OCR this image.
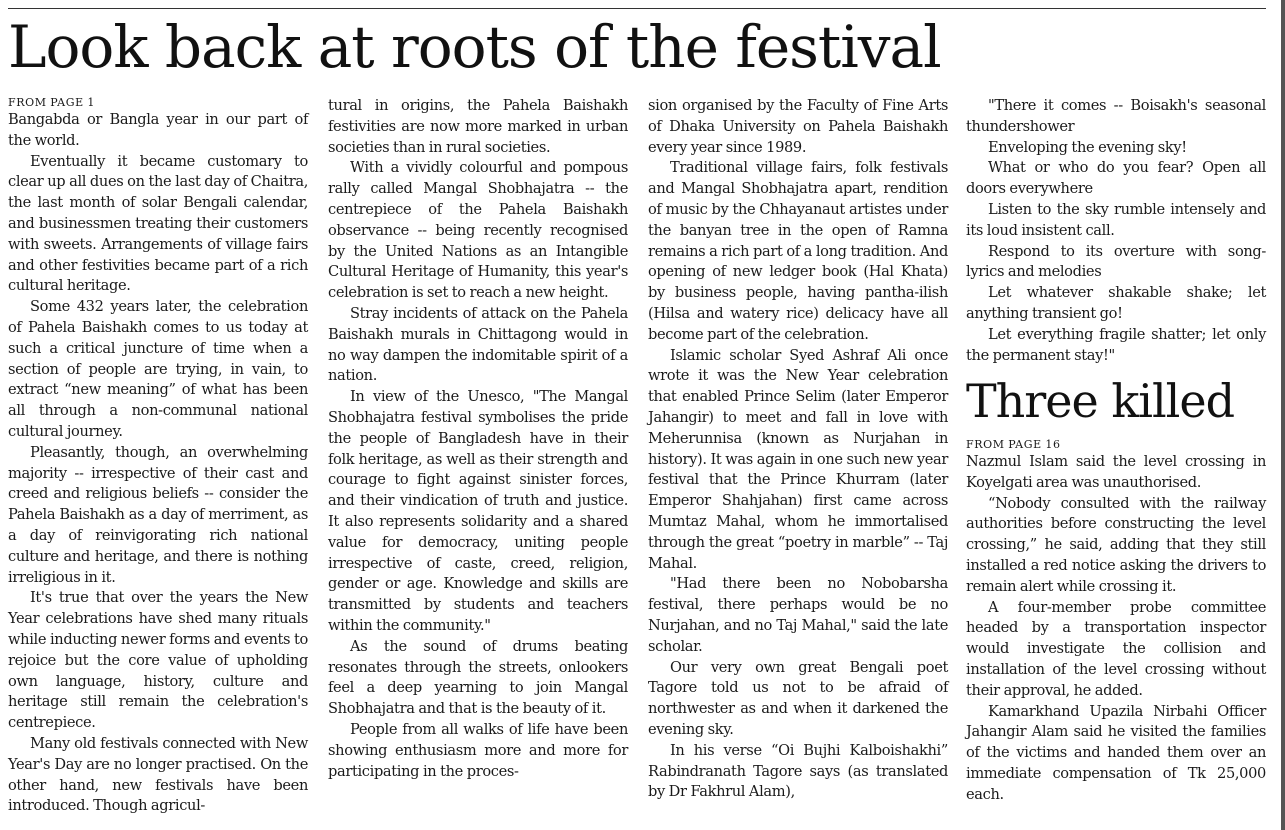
Look back at roots of the festival

FROM PAGE 1

Bangabda or Bangla year in our part of the world.

Eventually it became customary to clear up all dues on the last day of Chaitra, the last month of solar Bengali calendar, and businessmen treating their customers with sweets. Arrangements of village fairs and other festivities became part of a rich cultural heritage.

Some 432 years later, the celebration of Pahela Baishakh comes to us today at such a critical juncture of time when a section of people are trying, in vain, to extract “new meaning” of what has been all through a non-communal national cultural journey.

Pleasantly, though, an overwhelming majority -- irrespective of their cast and creed and religious beliefs -- consider the Pahela Baishakh as a day of merriment, as a day of reinvigorating rich national culture and heritage, and there is nothing irreligious in it.

It's true that over the years the New Year celebrations have shed many rituals while inducting newer forms and events to rejoice but the core value of upholding own language, history, culture and heritage still remain the celebration's centrepiece.

Many old festivals connected with New Year's Day are no longer practised. On the other hand, new festivals have been introduced. Though agricul-

tural in origins, the Pahela Baishakh festivities are now more marked in urban societies than in rural societies.

With a vividly colourful and pompous rally called Mangal Shobhajatra -- the centrepiece of the Pahela Baishakh observance -- being recently recognised by the United Nations as an Intangible Cultural Heritage of Humanity, this year's celebration is set to reach a new height.

Stray incidents of attack on the Pahela Baishakh murals in Chittagong would in no way dampen the indomitable spirit of a nation.

In view of the Unesco, "The Mangal Shobhajatra festival symbolises the pride the people of Bangladesh have in their folk heritage, as well as their strength and courage to fight against sinister forces, and their vindication of truth and justice. It also represents solidarity and a shared value for democracy, uniting people irrespective of caste, creed, religion, gender or age. Knowledge and skills are transmitted by students and teachers within the community."

As the sound of drums beating resonates through the streets, onlookers feel a deep yearning to join Mangal Shobhajatra and that is the beauty of it.

People from all walks of life have been showing enthusiasm more and more for participating in the proces-

sion organised by the Faculty of Fine Arts of Dhaka University on Pahela Baishakh every year since 1989.

Traditional village fairs, folk festivals and Mangal Shobhajatra apart, rendition of music by the Chhayanaut artistes under the banyan tree in the open of Ramna remains a rich part of a long tradition. And opening of new ledger book (Hal Khata) by business people, having pantha-ilish (Hilsa and watery rice) delicacy have all become part of the celebration.

Islamic scholar Syed Ashraf Ali once wrote it was the New Year celebration that enabled Prince Selim (later Emperor Jahangir) to meet and fall in love with Meherunnisa (known as Nurjahan in history). It was again in one such new year festival that the Prince Khurram (later Emperor Shahjahan) first came across Mumtaz Mahal, whom he immortalised through the great “poetry in marble” -- Taj Mahal.

"Had there been no Nobobarsha festival, there perhaps would be no Nurjahan, and no Taj Mahal," said the late scholar.

Our very own great Bengali poet Tagore told us not to be afraid of northwester as and when it darkened the evening sky.

In his verse “Oi Bujhi Kalboishakhi” Rabindranath Tagore says (as translated by Dr Fakhrul Alam),

"There it comes -- Boisakh's seasonal thundershower

Enveloping the evening sky!

What or who do you fear? Open all doors everywhere

Listen to the sky rumble intensely and its loud insistent call.

Respond to its overture with song-lyrics and melodies

Let whatever shakable shake; let anything transient go!

Let everything fragile shatter; let only the permanent stay!"

Three killed

FROM PAGE 16

Nazmul Islam said the level crossing in Koyelgati area was unauthorised.

“Nobody consulted with the railway authorities before constructing the level crossing,” he said, adding that they still installed a red notice asking the drivers to remain alert while crossing it.

A four-member probe committee headed by a transportation inspector would investigate the collision and installation of the level crossing without their approval, he added.

Kamarkhand Upazila Nirbahi Officer Jahangir Alam said he visited the families of the victims and handed them over an immediate compensation of Tk 25,000 each.
